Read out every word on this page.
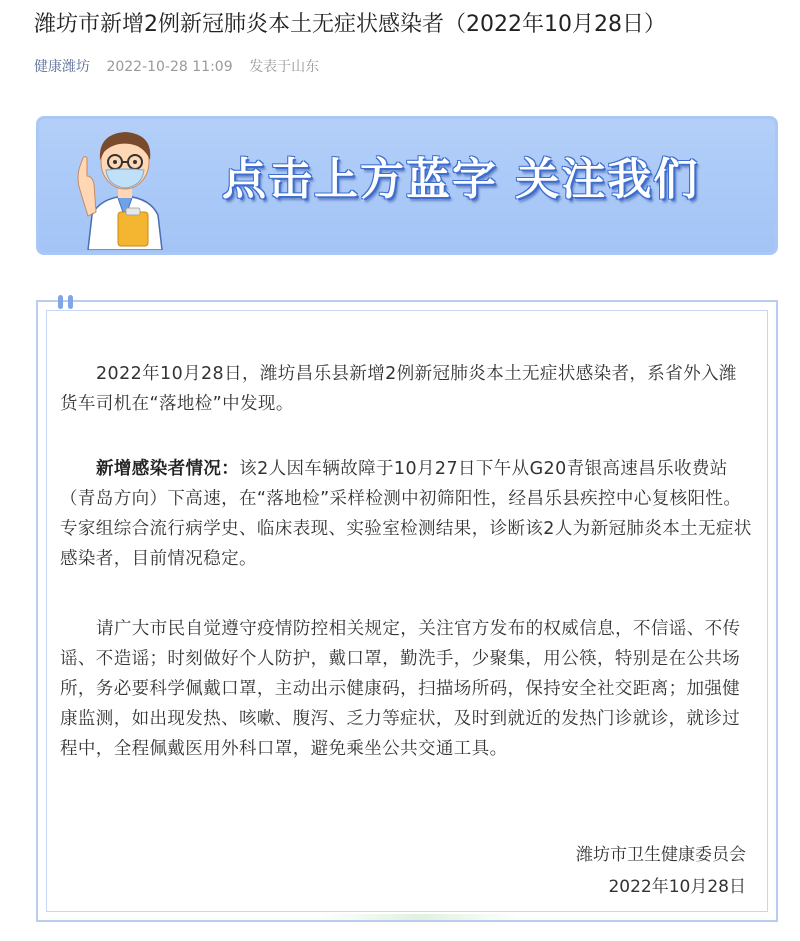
潍坊市新增2例新冠肺炎本土无症状感染者（2022年10月28日）
健康潍坊 2022-10-28 11:09 发表于山东
点击上方蓝字 关注我们

2022年10月28日，潍坊昌乐县新增2例新冠肺炎本土无症状感染者，系省外入潍货车司机在“落地检”中发现。

新增感染者情况：该2人因车辆故障于10月27日下午从G20青银高速昌乐收费站（青岛方向）下高速，在“落地检”采样检测中初筛阳性，经昌乐县疾控中心复核阳性。专家组综合流行病学史、临床表现、实验室检测结果，诊断该2人为新冠肺炎本土无症状感染者，目前情况稳定。

请广大市民自觉遵守疫情防控相关规定，关注官方发布的权威信息，不信谣、不传谣、不造谣；时刻做好个人防护，戴口罩，勤洗手，少聚集，用公筷，特别是在公共场所，务必要科学佩戴口罩，主动出示健康码，扫描场所码，保持安全社交距离；加强健康监测，如出现发热、咳嗽、腹泻、乏力等症状，及时到就近的发热门诊就诊，就诊过程中，全程佩戴医用外科口罩，避免乘坐公共交通工具。

潍坊市卫生健康委员会
2022年10月28日
